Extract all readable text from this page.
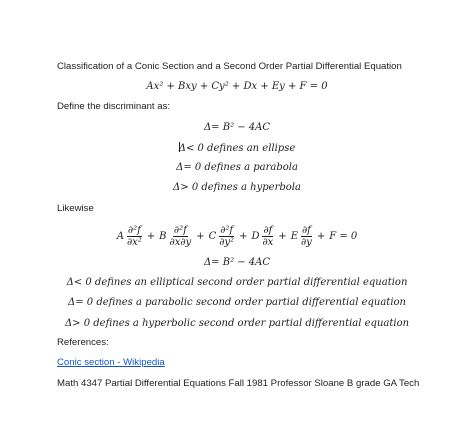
Classification of a Conic Section and a Second Order Partial Differential Equation
Ax² + Bxy + Cy² + Dx + Ey + F = 0
Define the discriminant as:
Δ= B² − 4AC
Δ< 0 defines an ellipse
Δ= 0 defines a parabola
Δ> 0 defines a hyperbola
Likewise
A $\frac{\text{∂²f}}{\text{∂x²}} + B \frac{\text{∂²f}}{\partial x\partial y} + C \frac{\text{∂²f}}{\text{∂y²}} + D \frac{\partial f}{\partial x} + E \frac{\partial f}{\partial y} + F = 0$
Δ= B² − 4AC
Δ< 0 defines an elliptical second order partial differential equation
Δ= 0 defines a parabolic second order partial differential equation
Δ> 0 defines a hyperbolic second order partial differential equation
References:
Conic section - Wikipedia
Math 4347 Partial Differential Equations Fall 1981 Professor Sloane B grade GA Tech
